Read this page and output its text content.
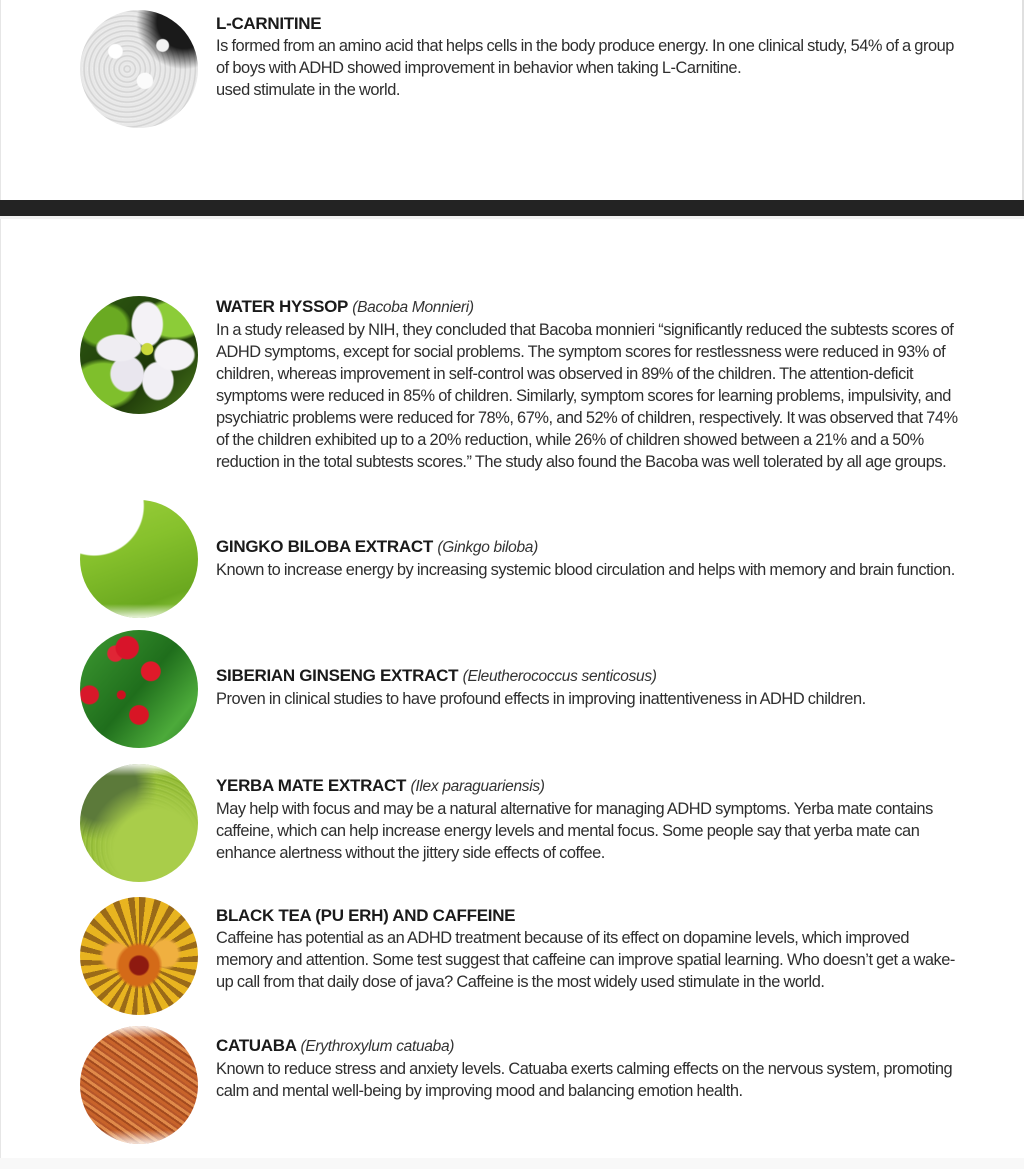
L-CARNITINE
Is formed from an amino acid that helps cells in the body produce energy. In one clinical study, 54% of a group of boys with ADHD showed improvement in behavior when taking L-Carnitine.
used stimulate in the world.
WATER HYSSOP (Bacoba Monnieri)
In a study released by NIH, they concluded that Bacoba monnieri “significantly reduced the subtests scores of ADHD symptoms, except for social problems. The symptom scores for restlessness were reduced in 93% of children, whereas improvement in self-control was observed in 89% of the children. The attention-deficit symptoms were reduced in 85% of children. Similarly, symptom scores for learning problems, impulsivity, and psychiatric problems were reduced for 78%, 67%, and 52% of children, respectively. It was observed that 74% of the children exhibited up to a 20% reduction, while 26% of children showed between a 21% and a 50% reduction in the total subtests scores.” The study also found the Bacoba was well tolerated by all age groups.
GINGKO BILOBA EXTRACT (Ginkgo biloba)
Known to increase energy by increasing systemic blood circulation and helps with memory and brain function.
SIBERIAN GINSENG EXTRACT (Eleutherococcus senticosus)
Proven in clinical studies to have profound effects in improving inattentiveness in ADHD children.
YERBA MATE EXTRACT (Ilex paraguariensis)
May help with focus and may be a natural alternative for managing ADHD symptoms. Yerba mate contains caffeine, which can help increase energy levels and mental focus. Some people say that yerba mate can enhance alertness without the jittery side effects of coffee.
BLACK TEA (PU ERH) AND CAFFEINE
Caffeine has potential as an ADHD treatment because of its effect on dopamine levels, which improved memory and attention. Some test suggest that caffeine can improve spatial learning. Who doesn’t get a wake-up call from that daily dose of java? Caffeine is the most widely used stimulate in the world.
CATUABA (Erythroxylum catuaba)
Known to reduce stress and anxiety levels. Catuaba exerts calming effects on the nervous system, promoting calm and mental well-being by improving mood and balancing emotion health.
